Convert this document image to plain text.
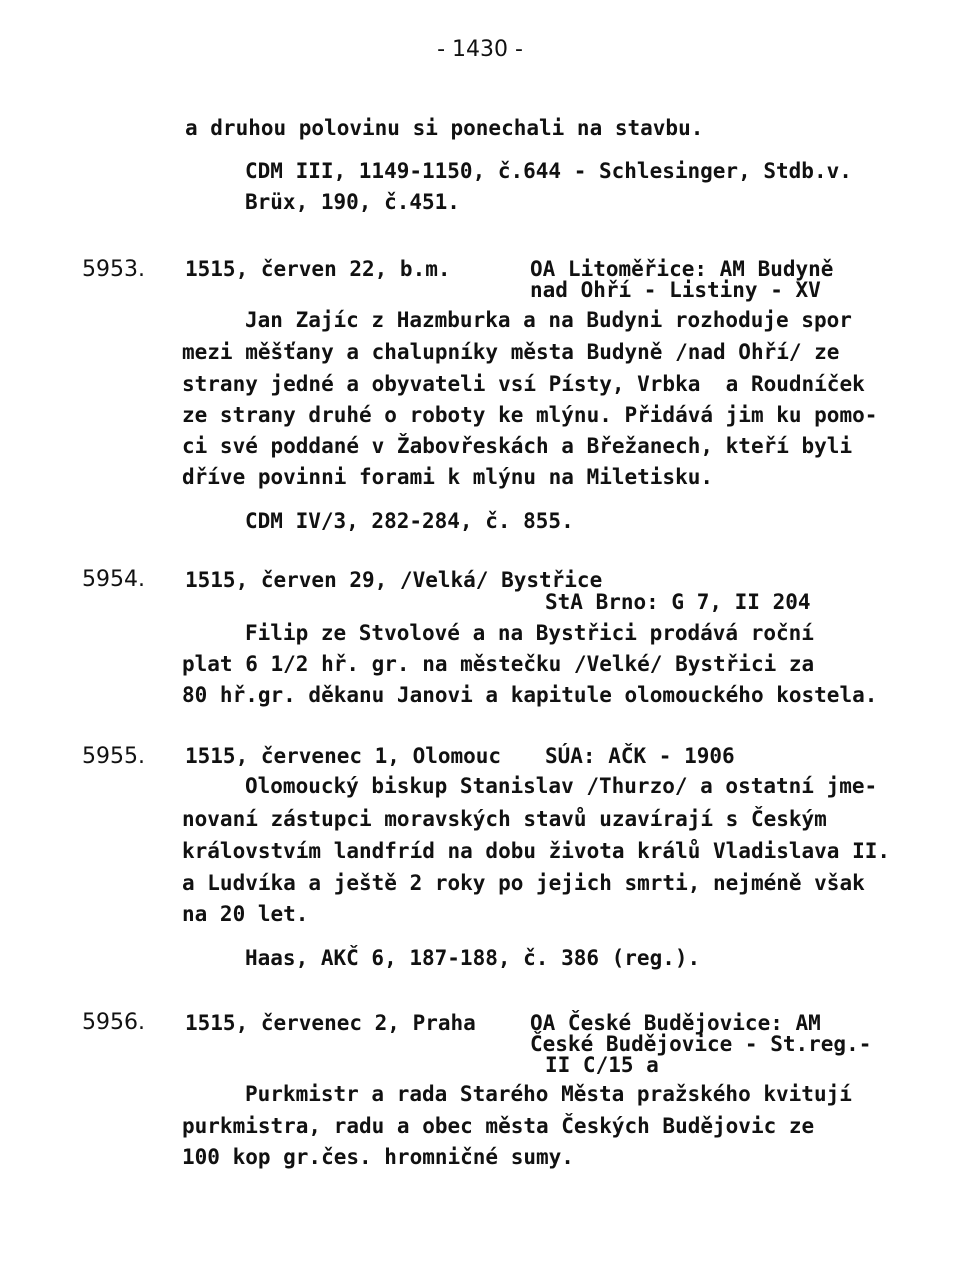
- 1430 -
a druhou polovinu si ponechali na stavbu.
CDM III, 1149-1150, č.644 - Schlesinger, Stdb.v.
Brüx, 190, č.451.
5953. 1515, červen 22, b.m.	OA Litoměřice: AM Budyně
nad Ohří - Listiny - XV
Jan Zajíc z Hazmburka a na Budyni rozhoduje spor
mezi měšťany a chalupníky města Budyně /nad Ohří/ ze
strany jedné a obyvateli vsí Písty, Vrbka  a Roudníček
ze strany druhé o roboty ke mlýnu. Přidává jim ku pomo-
ci své poddané v Žabovřeskách a Břežanech, kteří byli
dříve povinni forami k mlýnu na Miletisku.
CDM IV/3, 282-284, č. 855.
5954. 1515, červen 29, /Velká/ Bystřice
StA Brno: G 7, II 204
Filip ze Stvolové a na Bystřici prodává roční
plat 6 1/2 hř. gr. na městečku /Velké/ Bystřici za
80 hř.gr. děkanu Janovi a kapitule olomouckého kostela.
5955. 1515, červenec 1, Olomouc SÚA: AČK - 1906
Olomoucký biskup Stanislav /Thurzo/ a ostatní jme-
novaní zástupci moravských stavů uzavírají s Českým
královstvím landfríd na dobu života králů Vladislava II.
a Ludvíka a ještě 2 roky po jejich smrti, nejméně však
na 20 let.
Haas, AKČ 6, 187-188, č. 386 (reg.).
5956. 1515, červenec 2, Praha	OA České Budějovice: AM
České Budějovice - St.reg.-
II C/15 a
Purkmistr a rada Starého Města pražského kvitují
purkmistra, radu a obec města Českých Budějovic ze
100 kop gr.čes. hromničné sumy.
